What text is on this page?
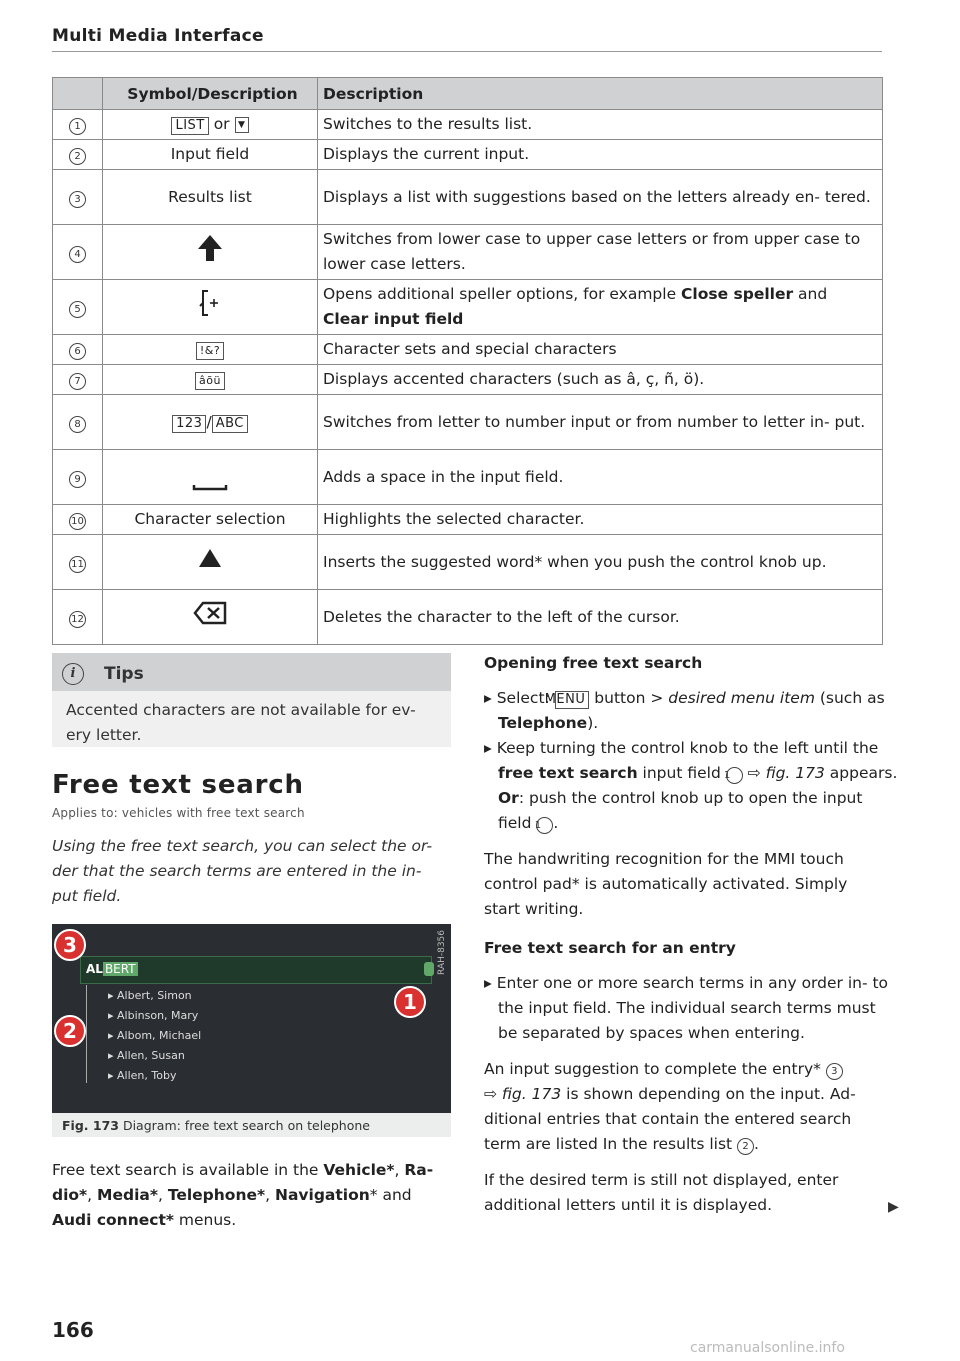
Multi Media Interface
	Symbol/Description	Description
1	LIST or ▼	Switches to the results list.
2	Input field	Displays the current input.
3	Results list	Displays a list with suggestions based on the letters already en- tered.
4		Switches from lower case to upper case letters or from upper case to lower case letters.
5		Opens additional speller options, for example Close speller and
Clear input field
6	!&?	Character sets and special characters
7	âõü	Displays accented characters (such as â, ç, ñ, ö).
8	123 / ABC	Switches from letter to number input or from number to letter in- put.
9		Adds a space in the input field.
10	Character selection	Highlights the selected character.
11		Inserts the suggested word* when you push the control knob up.
12		Deletes the character to the left of the cursor.
i	Tips
Accented characters are not available for ev- ery letter.
Free text search
Applies to: vehicles with free text search
Using the free text search, you can select the or- der that the search terms are entered in the in- put field.
AL BERT
▸ Albert, Simon
▸ Albinson, Mary
▸ Albom, Michael
▸ Allen, Susan
▸ Allen, Toby
3
2
1
RAH-8356
Fig. 173 Diagram: free text search on telephone
Free text search is available in the Vehicle*, Ra- dio*, Media*, Telephone*, Navigation* and Audi connect* menus.
Opening free text search
▸ Select: MENU button > desired menu item (such as Telephone).
▸ Keep turning the control knob to the left until the free text search input field 1 ⇨ fig. 173 appears. Or: push the control knob up to open the input field 1 .
The handwriting recognition for the MMI touch control pad* is automatically activated. Simply start writing.
Free text search for an entry
▸ Enter one or more search terms in any order in- to the input field. The individual search terms must be separated by spaces when entering.
An input suggestion to complete the entry* 3
⇨ fig. 173 is shown depending on the input. Ad- ditional entries that contain the entered search term are listed In the results list 2 .
If the desired term is still not displayed, enter additional letters until it is displayed.	▶
166
carmanualsonline.info
